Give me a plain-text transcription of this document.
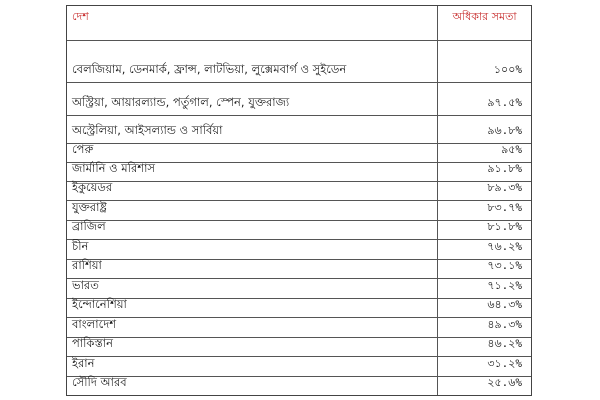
দেশ	অধিকার সমতা
বেলজিয়াম, ডেনমার্ক, ফ্রান্স, লাটভিয়া, লুক্সেমবার্গ ও সুইডেন	১০০%
অস্ট্রিয়া, আয়ারল্যান্ড, পর্তুগাল, স্পেন, যুক্তরাজ্য	৯৭.৫%
অস্ট্রেলিয়া, আইসল্যান্ড ও সার্বিয়া	৯৬.৮%
পেরু	৯৫%
জার্মানি ও মরিশাস	৯১.৮%
ইকুয়েডর	৮৯.৩%
যুক্তরাষ্ট্র	৮৩.৭%
ব্রাজিল	৮১.৮%
চীন	৭৬.২%
রাশিয়া	৭৩.১%
ভারত	৭১.২%
ইন্দোনেশিয়া	৬৪.৩%
বাংলাদেশ	৪৯.৩%
পাকিস্তান	৪৬.২%
ইরান	৩১.২%
সৌদি আরব	২৫.৬%
